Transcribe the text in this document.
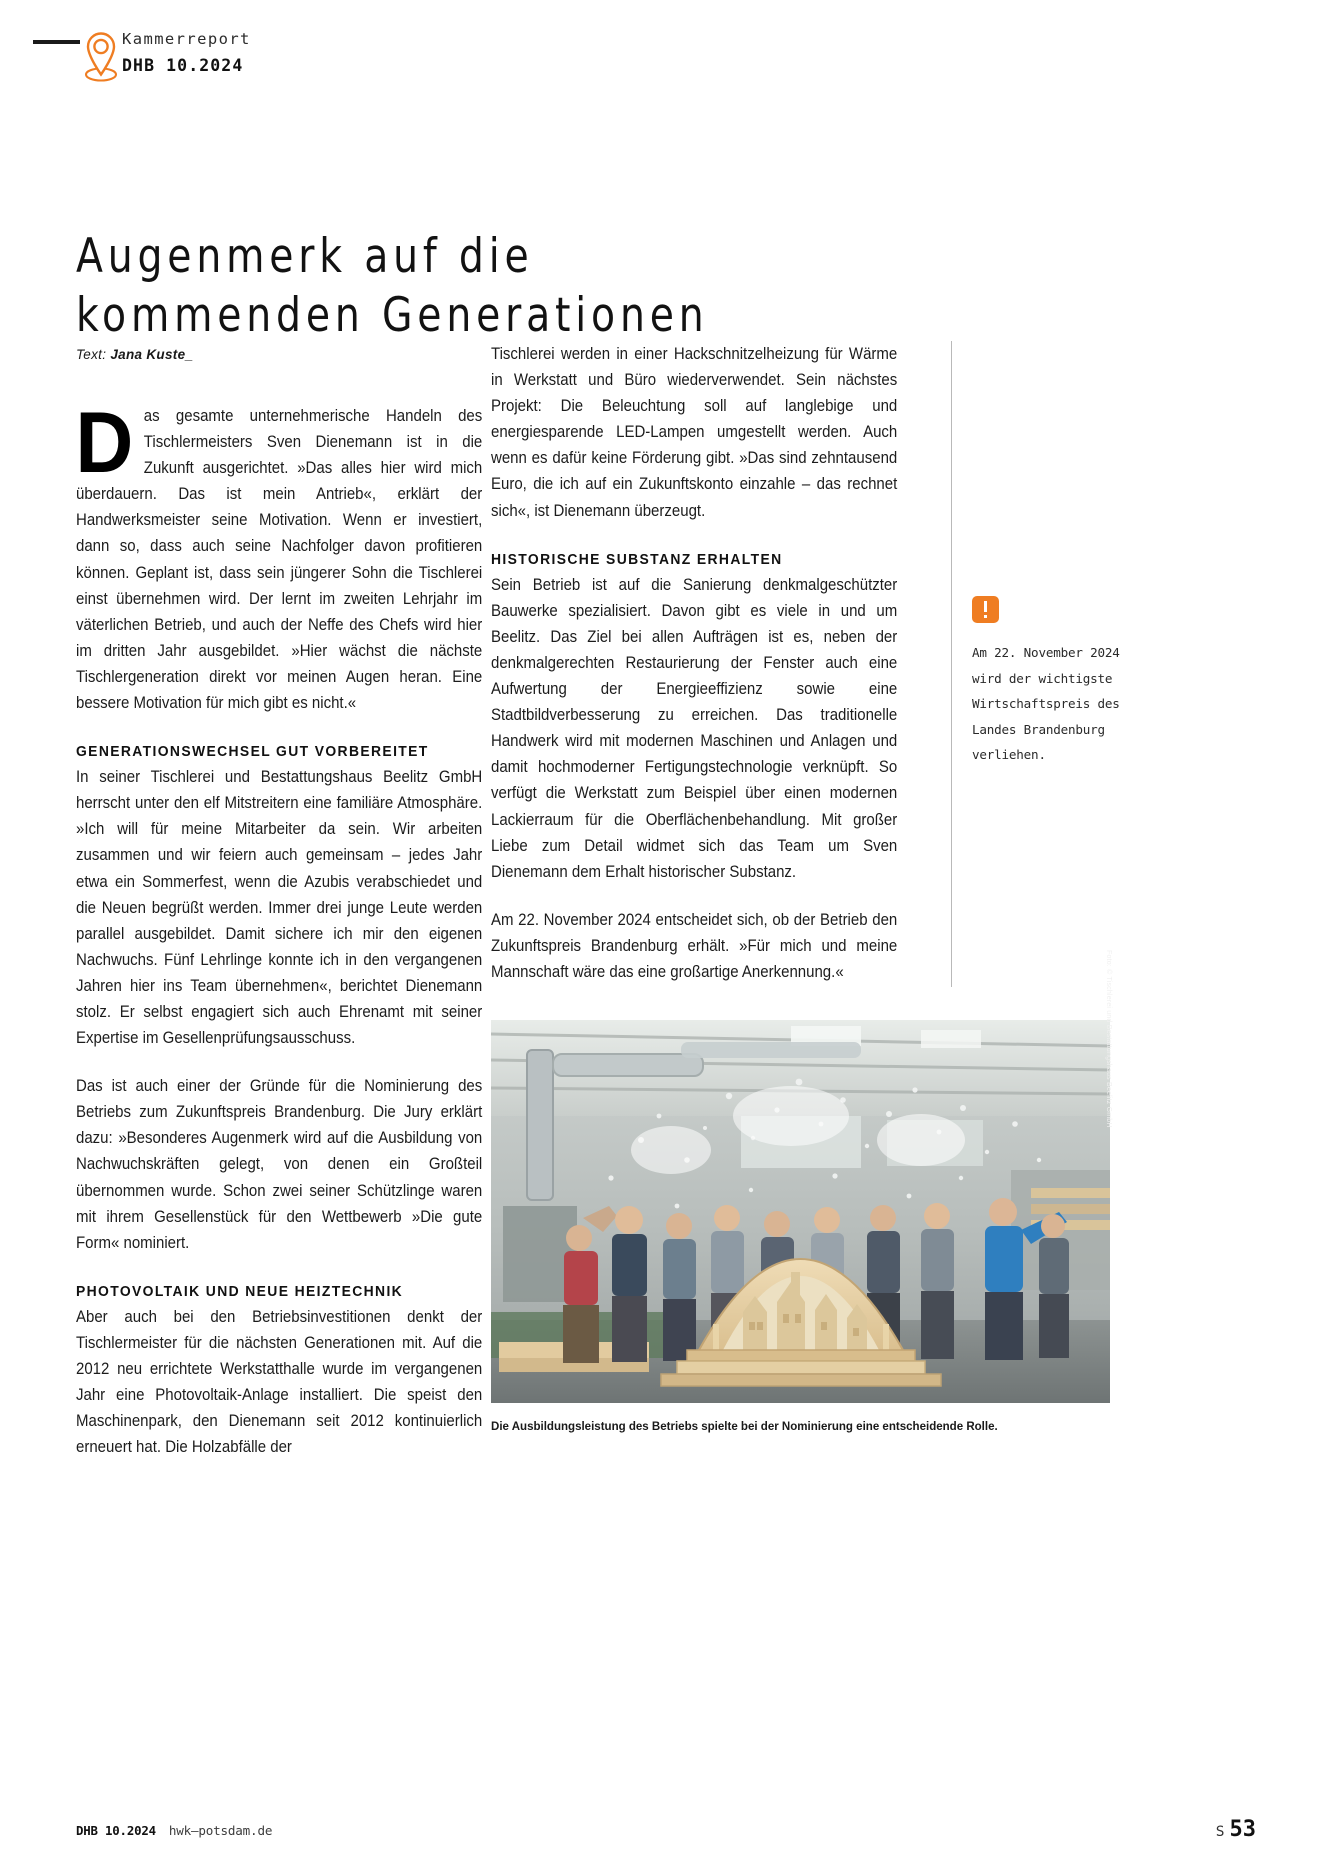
Kammerreport
DHB 10.2024
Augenmerk auf die
kommenden Generationen
Text: Jana Kuste_

Das gesamte unternehmerische Handeln des Tischlermeisters Sven Dienemann ist in die Zukunft ausgerichtet. »Das alles hier wird mich überdauern. Das ist mein Antrieb«, erklärt der Handwerksmeister seine Motivation. Wenn er investiert, dann so, dass auch seine Nachfolger davon profitieren können. Geplant ist, dass sein jüngerer Sohn die Tischlerei einst übernehmen wird. Der lernt im zweiten Lehrjahr im väterlichen Betrieb, und auch der Neffe des Chefs wird hier im dritten Jahr ausgebildet. »Hier wächst die nächste Tischlergeneration direkt vor meinen Augen heran. Eine bessere Motivation für mich gibt es nicht.«

GENERATIONSWECHSEL GUT VORBEREITET

In seiner Tischlerei und Bestattungshaus Beelitz GmbH herrscht unter den elf Mitstreitern eine familiäre Atmosphäre. »Ich will für meine Mitarbeiter da sein. Wir arbeiten zusammen und wir feiern auch gemeinsam – jedes Jahr etwa ein Sommerfest, wenn die Azubis verabschiedet und die Neuen begrüßt werden. Immer drei junge Leute werden parallel ausgebildet. Damit sichere ich mir den eigenen Nachwuchs. Fünf Lehrlinge konnte ich in den vergangenen Jahren hier ins Team übernehmen«, berichtet Dienemann stolz. Er selbst engagiert sich auch Ehrenamt mit seiner Expertise im Gesellenprüfungsausschuss.

Das ist auch einer der Gründe für die Nominierung des Betriebs zum Zukunftspreis Brandenburg. Die Jury erklärt dazu: »Besonderes Augenmerk wird auf die Ausbildung von Nachwuchskräften gelegt, von denen ein Großteil übernommen wurde. Schon zwei seiner Schützlinge waren mit ihrem Gesellenstück für den Wettbewerb »Die gute Form« nominiert.

PHOTOVOLTAIK UND NEUE HEIZTECHNIK

Aber auch bei den Betriebsinvestitionen denkt der Tischlermeister für die nächsten Generationen mit. Auf die 2012 neu errichtete Werkstatthalle wurde im vergangenen Jahr eine Photovoltaik-Anlage installiert. Die speist den Maschinenpark, den Dienemann seit 2012 kontinuierlich erneuert hat. Die Holzabfälle der

Tischlerei werden in einer Hackschnitzelheizung für Wärme in Werkstatt und Büro wiederverwendet. Sein nächstes Projekt: Die Beleuchtung soll auf langlebige und energiesparende LED-Lampen umgestellt werden. Auch wenn es dafür keine Förderung gibt. »Das sind zehntausend Euro, die ich auf ein Zukunftskonto einzahle – das rechnet sich«, ist Dienemann überzeugt.

HISTORISCHE SUBSTANZ ERHALTEN

Sein Betrieb ist auf die Sanierung denkmalgeschützter Bauwerke spezialisiert. Davon gibt es viele in und um Beelitz. Das Ziel bei allen Aufträgen ist es, neben der denkmalgerechten Restaurierung der Fenster auch eine Aufwertung der Energieeffizienz sowie eine Stadtbildverbesserung zu erreichen. Das traditionelle Handwerk wird mit modernen Maschinen und Anlagen und damit hochmoderner Fertigungstechnologie verknüpft. So verfügt die Werkstatt zum Beispiel über einen modernen Lackierraum für die Oberflächenbehandlung. Mit großer Liebe zum Detail widmet sich das Team um Sven Dienemann dem Erhalt historischer Substanz.

Am 22. November 2024 entscheidet sich, ob der Betrieb den Zukunftspreis Brandenburg erhält. »Für mich und meine Mannschaft wäre das eine großartige Anerkennung.«

Am 22. November 2024 wird der wichtigste Wirtschaftspreis des Landes Brandenburg verliehen.
Foto: © Tischlerei und Bestattungshaus Beelitz GmbH
Die Ausbildungsleistung des Betriebs spielte bei der Nominierung eine entscheidende Rolle.
DHB 10.2024 hwk–potsdam.de	S 53
